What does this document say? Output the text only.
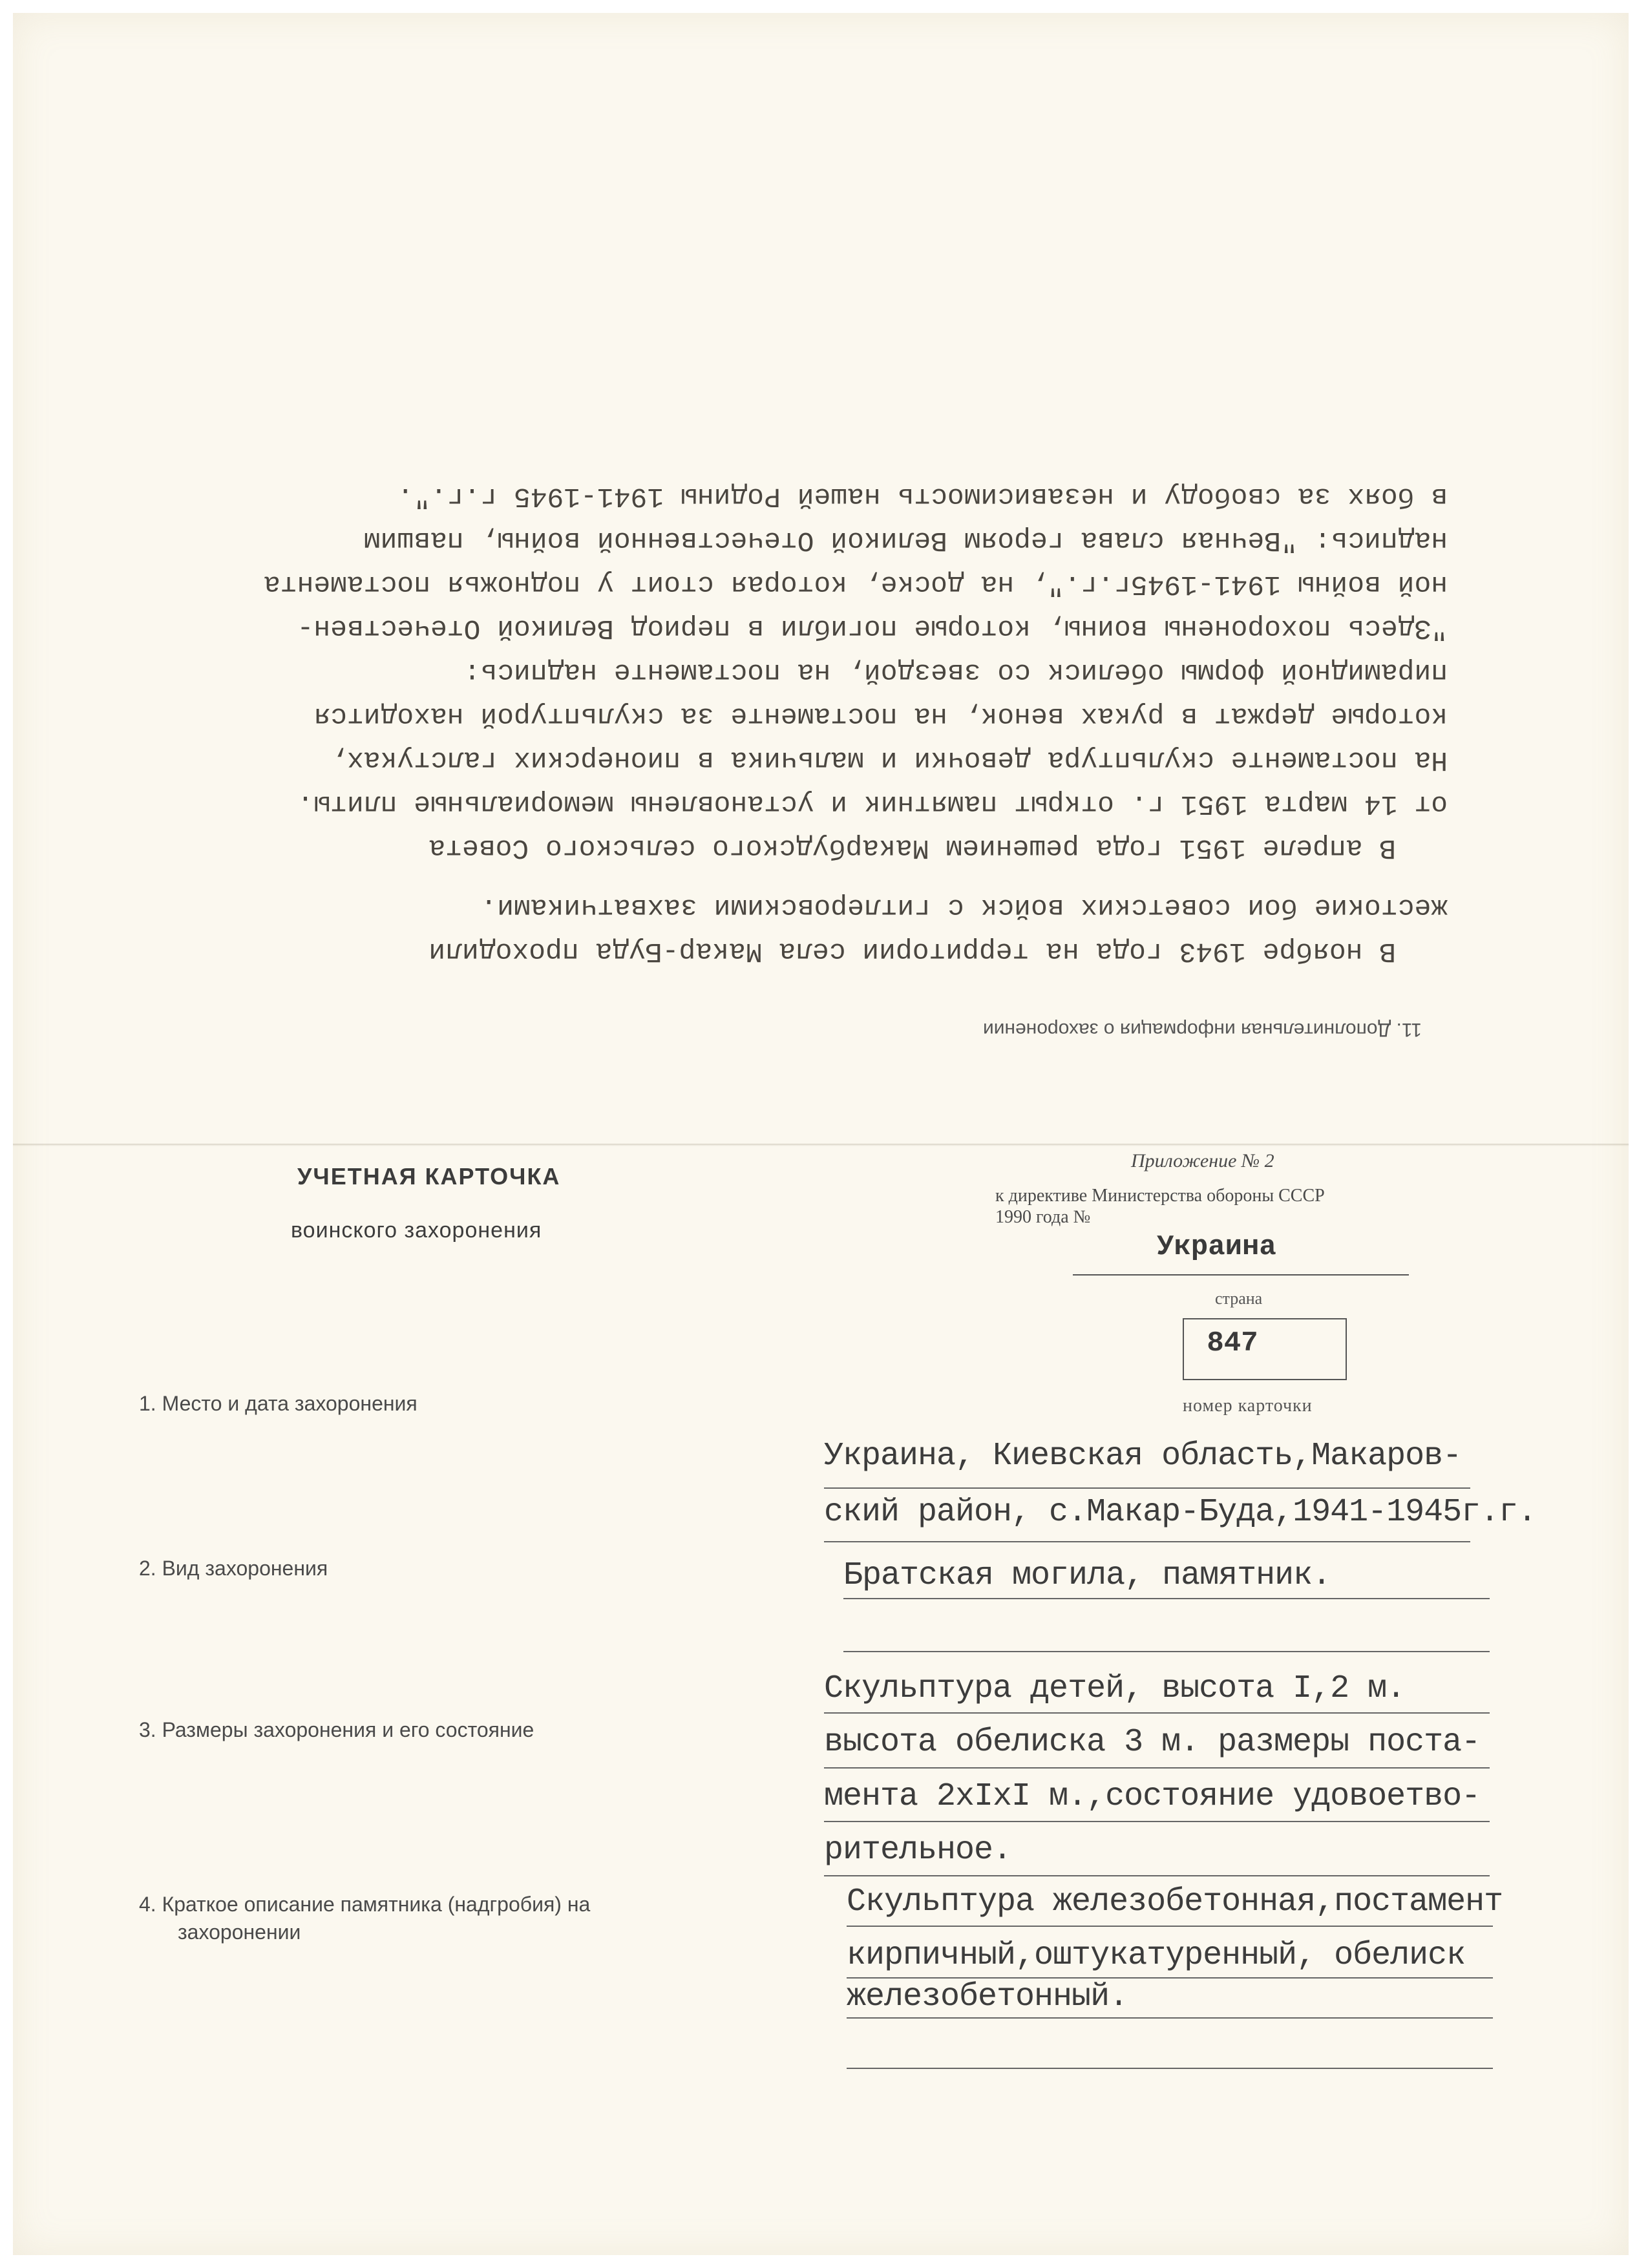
11. Дополнительная информация о захоронении

В ноябре 1943 года на территории села Макар-Буда проходили

жестокие бои советских войск с гитлеровскими захватчиками.

В апреле 1951 года решением Макарбудского сельского Совета

от 14 марта 1951 г. открыт памятник и установлены мемориальные плиты.

На постаменте скульптура девочки и мальчика в пионерских галстуках,

которые держат в руках венок, на постаменте за скульптурой находится

пирамидной формы обелиск со звездой, на постаменте надпись:

"Здесь похоронены воины, которые погибли в период Великой Отечествен-

ной войны 1941-1945г.г.", на доске, которая стоит у подножья постамента

надпись: "Вечная слава героям Великой Отечественной войны, павшим

в боях за свободу и независимость нашей Родины 1941-1945 г.г.".

УЧЕТНАЯ КАРТОЧКА
воинского захоронения
Приложение № 2
к директиве Министерства обороны СССР
1990 года №
Украина
страна
847
номер карточки
1. Место и дата захоронения
Украина, Киевская область,Макаров-
ский район, с.Макар-Буда,1941-1945г.г.
2. Вид захоронения	Братская могила, памятник.
3. Размеры захоронения и его состояние
Скульптура детей, высота I,2 м.
высота обелиска 3 м. размеры поста-
мента 2хIхI м.,состояние удовоетво-
рительное.
4. Краткое описание памятника (надгробия) на
захоронении
Скульптура железобетонная,постамент
кирпичный,оштукатуренный, обелиск
железобетонный.
